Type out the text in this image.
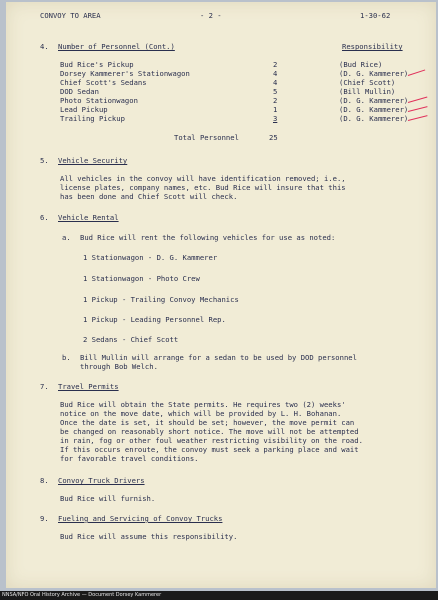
CONVOY TO AREA	- 2 -	1-30-62
4. Number of Personnel (Cont.)	Responsibility
Bud Rice's Pickup	2	(Bud Rice)
Dorsey Kammerer's Stationwagon	4	(D. G. Kammerer)
Chief Scott's Sedans	4	(Chief Scott)
DOD Sedan	5	(Bill Mullin)
Photo Stationwagon	2	(D. G. Kammerer)
Lead Pickup	1	(D. G. Kammerer)
Trailing Pickup	3	(D. G. Kammerer)
Total Personnel	25
5. Vehicle Security
All vehicles in the convoy will have identification removed; i.e.,
license plates, company names, etc. Bud Rice will insure that this
has been done and Chief Scott will check.
6. Vehicle Rental
a. Bud Rice will rent the following vehicles for use as noted:
1 Stationwagon - D. G. Kammerer
1 Stationwagon - Photo Crew
1 Pickup - Trailing Convoy Mechanics
1 Pickup - Leading Personnel Rep.
2 Sedans - Chief Scott
b. Bill Mullin will arrange for a sedan to be used by DOD personnel
through Bob Welch.
7. Travel Permits
Bud Rice will obtain the State permits. He requires two (2) weeks'
notice on the move date, which will be provided by L. H. Bohanan.
Once the date is set, it should be set; however, the move permit can
be changed on reasonably short notice. The move will not be attempted
in rain, fog or other foul weather restricting visibility on the road.
If this occurs enroute, the convoy must seek a parking place and wait
for favorable travel conditions.
8. Convoy Truck Drivers
Bud Rice will furnish.
9. Fueling and Servicing of Convoy Trucks
Bud Rice will assume this responsibility.
NNSA/NFO Oral History Archive — Document Dorsey Kammerer
